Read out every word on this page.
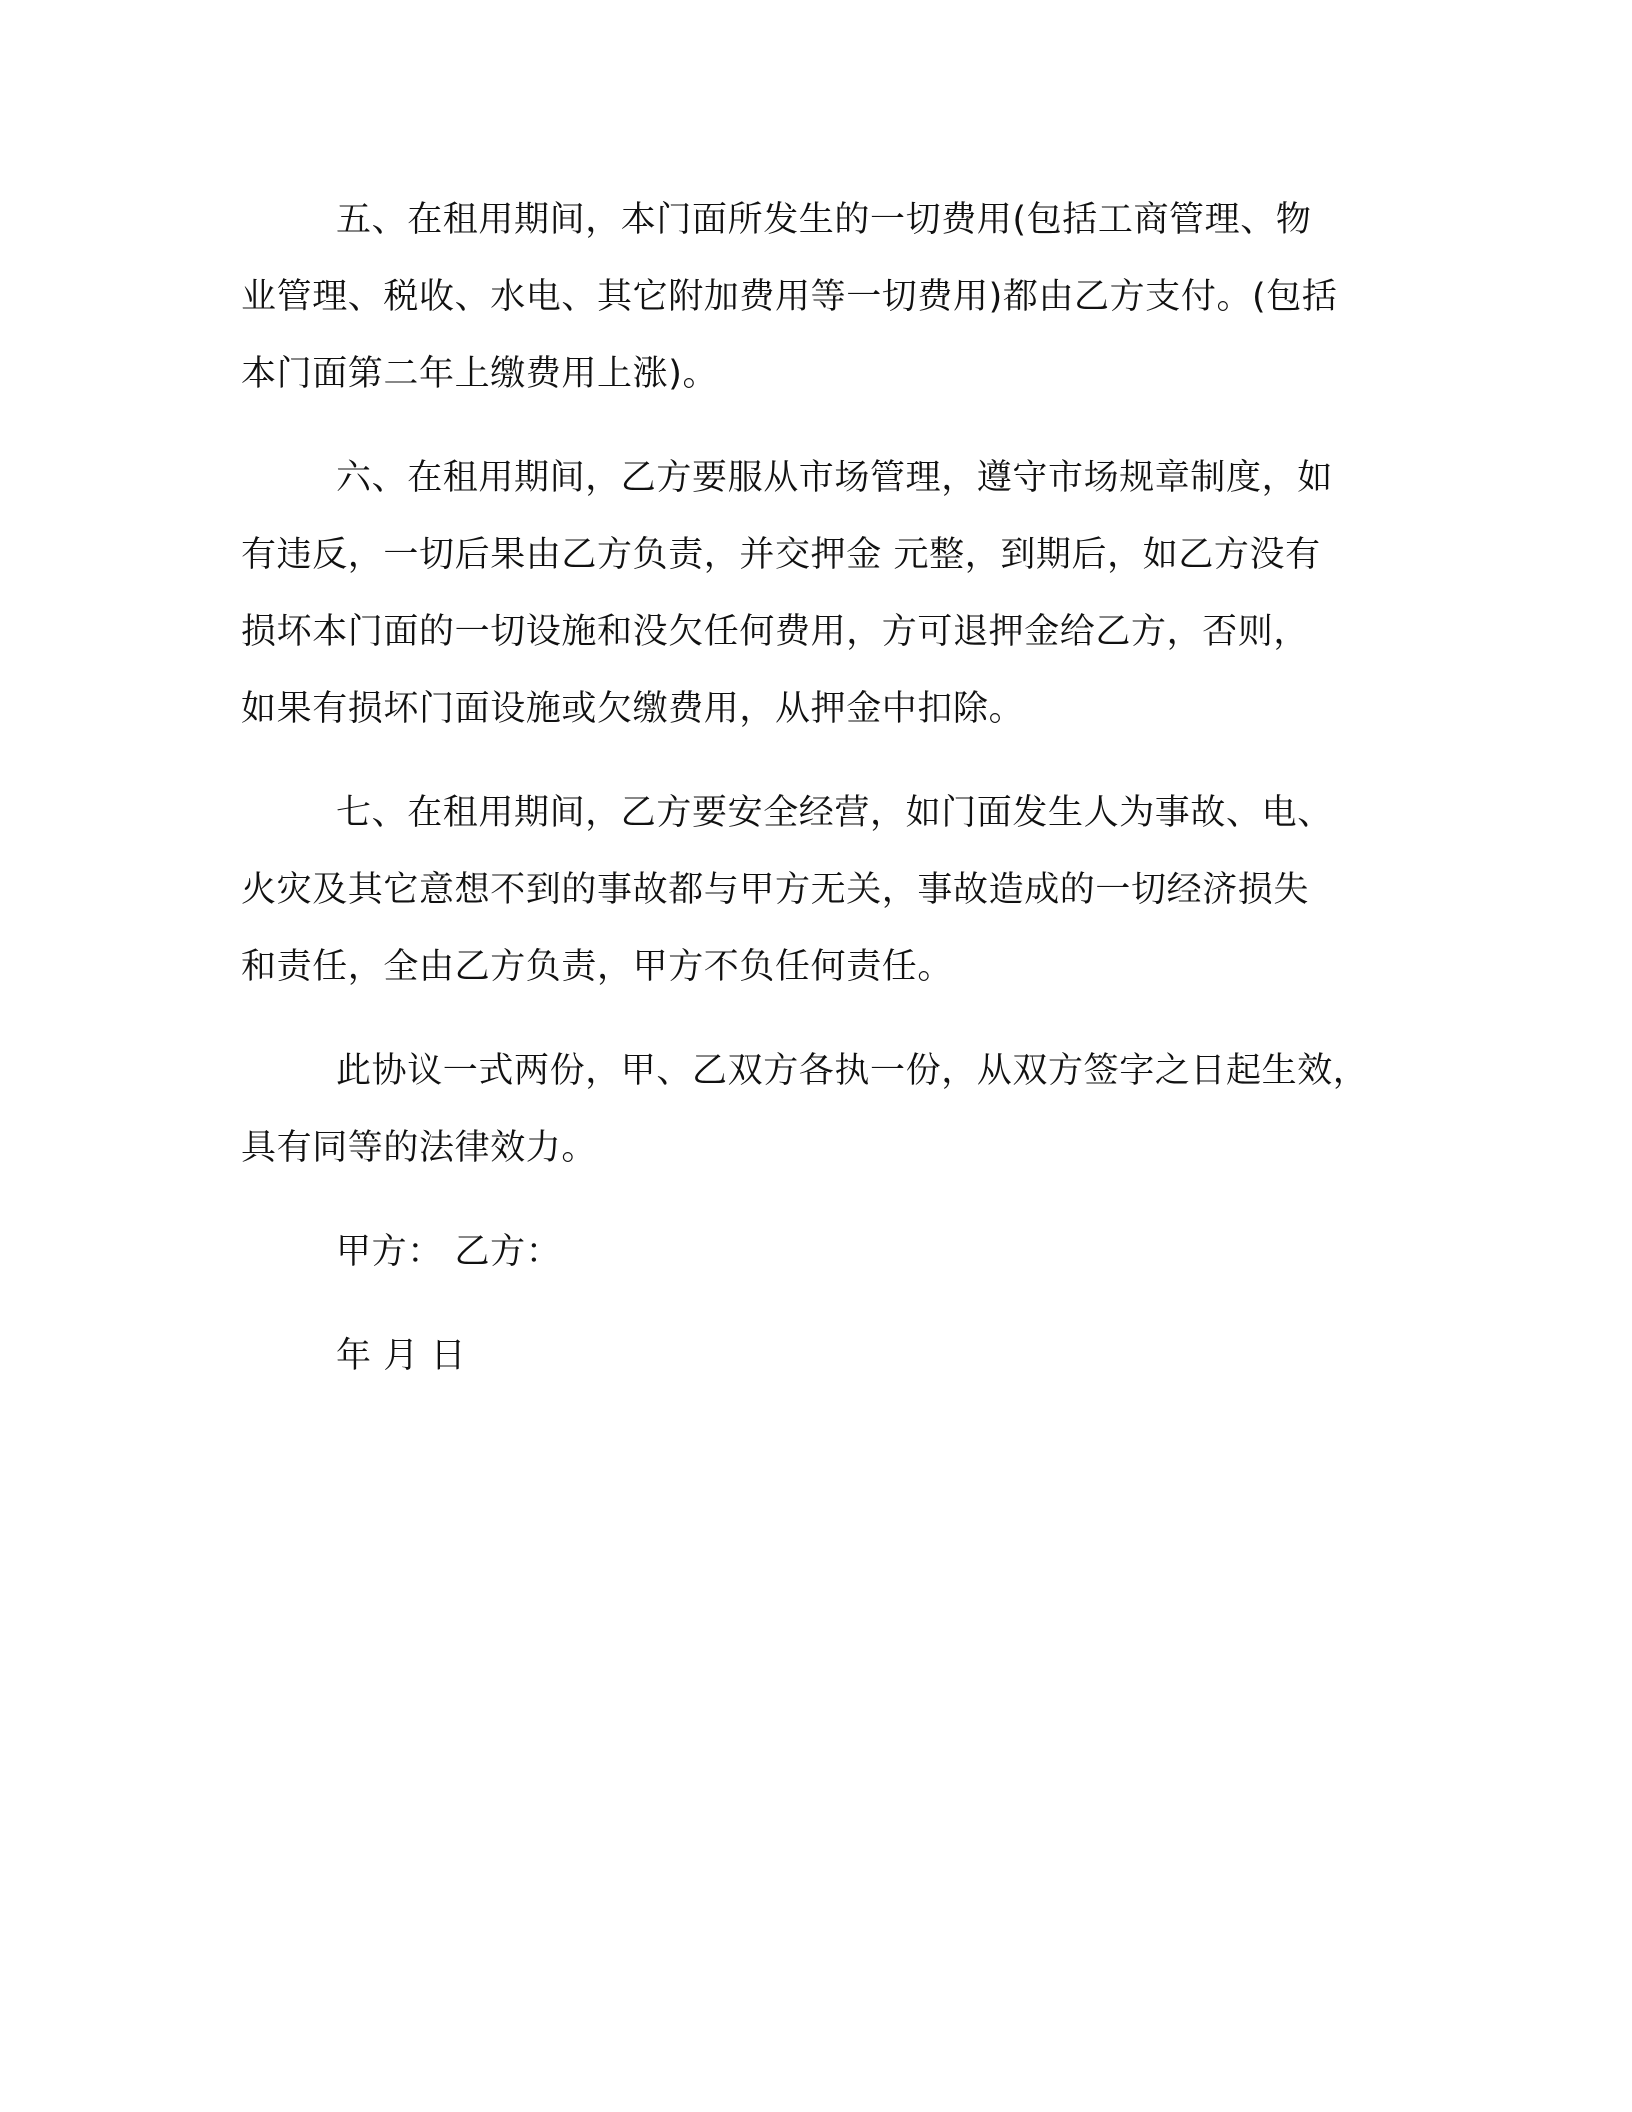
五、在租用期间，本门面所发生的一切费用(包括工商管理、物
业管理、税收、水电、其它附加费用等一切费用)都由乙方支付。(包括
本门面第二年上缴费用上涨)。
六、在租用期间，乙方要服从市场管理，遵守市场规章制度，如
有违反，一切后果由乙方负责，并交押金 元整，到期后，如乙方没有
损坏本门面的一切设施和没欠任何费用，方可退押金给乙方，否则，
如果有损坏门面设施或欠缴费用，从押金中扣除。
七、在租用期间，乙方要安全经营，如门面发生人为事故、电、
火灾及其它意想不到的事故都与甲方无关，事故造成的一切经济损失
和责任，全由乙方负责，甲方不负任何责任。
此协议一式两份，甲、乙双方各执一份，从双方签字之日起生效，
具有同等的法律效力。
甲方： 乙方：
年 月 日
